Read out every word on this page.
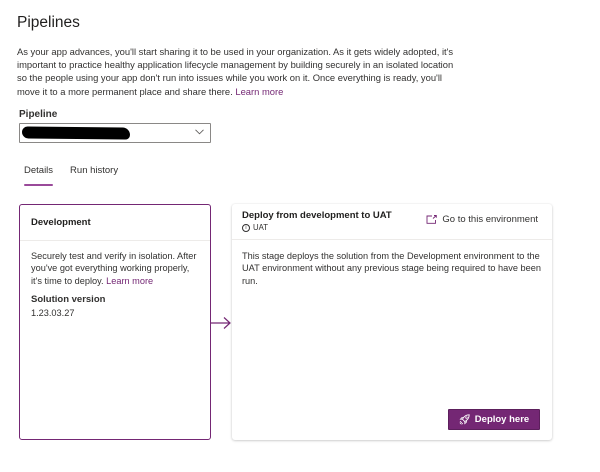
Pipelines
As your app advances, you'll start sharing it to be used in your organization. As it gets widely adopted, it's important to practice healthy application lifecycle management by building securely in an isolated location so the people using your app don't run into issues while you work on it. Once everything is ready, you'll move it to a more permanent place and share there. Learn more
Pipeline
Details Run history
Development
Securely test and verify in isolation. After you've got everything working properly, it's time to deploy. Learn more
Solution version
1.23.03.27
Deploy from development to UAT
i UAT
Go to this environment
This stage deploys the solution from the Development environment to the UAT environment without any previous stage being required to have been run.
Deploy here
